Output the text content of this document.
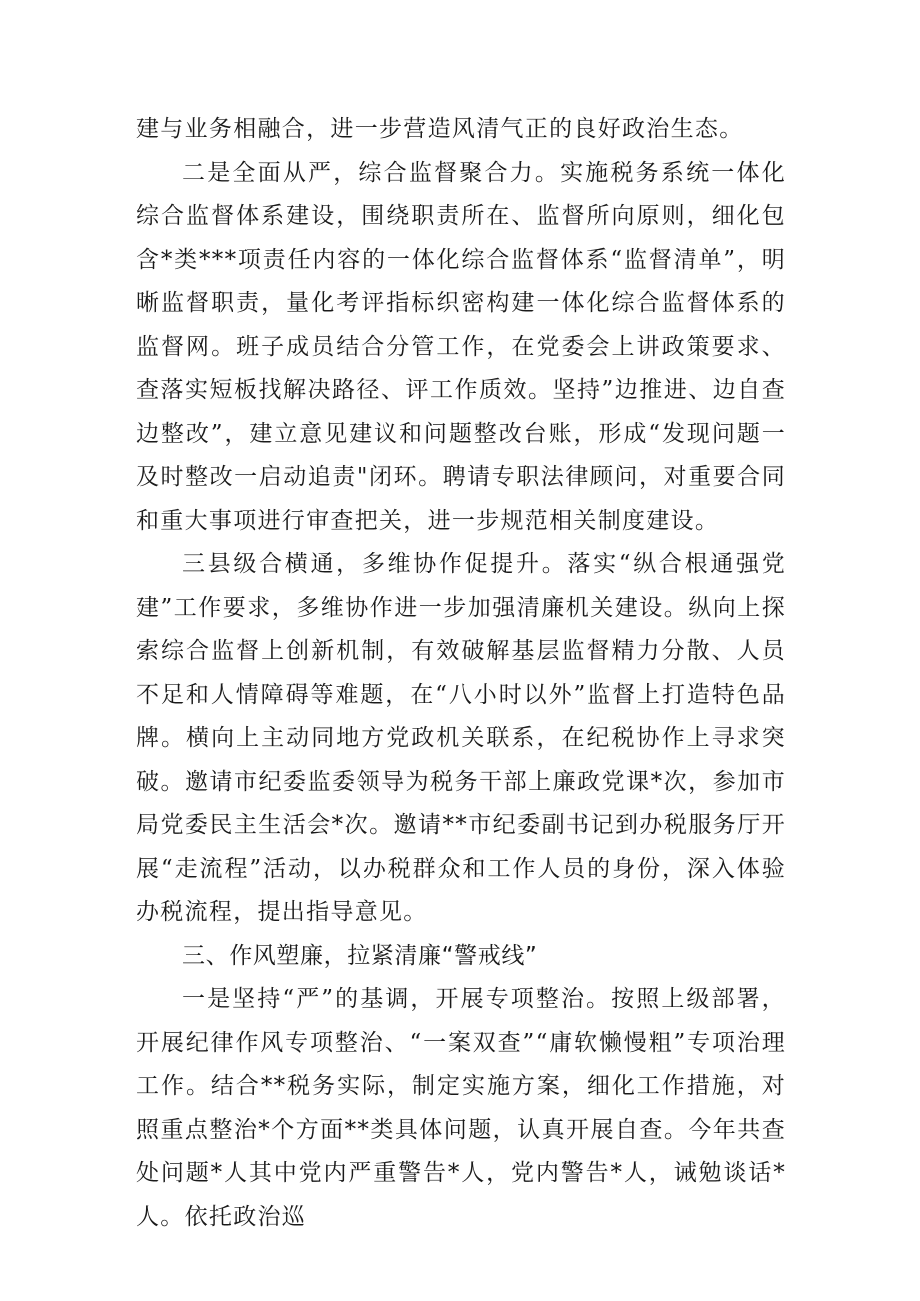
建与业务相融合，进一步营造风清气正的良好政治生态。

二是全面从严，综合监督聚合力。实施税务系统一体化综合监督体系建设，围绕职责所在、监督所向原则，细化包含*类***项责任内容的一体化综合监督体系“监督清单”，明晰监督职责，量化考评指标织密构建一体化综合监督体系的监督网。班子成员结合分管工作，在党委会上讲政策要求、查落实短板找解决路径、评工作质效。坚持”边推进、边自查边整改”，建立意见建议和问题整改台账，形成“发现问题一及时整改一启动追责"闭环。聘请专职法律顾问，对重要合同和重大事项进行审查把关，进一步规范相关制度建设。

三县级合横通，多维协作促提升。落实“纵合根通强党建”工作要求，多维协作进一步加强清廉机关建设。纵向上探索综合监督上创新机制，有效破解基层监督精力分散、人员不足和人情障碍等难题，在“八小时以外”监督上打造特色品牌。横向上主动同地方党政机关联系，在纪税协作上寻求突破。邀请市纪委监委领导为税务干部上廉政党课*次，参加市局党委民主生活会*次。邀请**市纪委副书记到办税服务厅开展“走流程”活动，以办税群众和工作人员的身份，深入体验办税流程，提出指导意见。

三、作风塑廉，拉紧清廉“警戒线”

一是坚持“严”的基调，开展专项整治。按照上级部署，开展纪律作风专项整治、“一案双查”“庸软懒慢粗”专项治理工作。结合**税务实际，制定实施方案，细化工作措施，对照重点整治*个方面**类具体问题，认真开展自查。今年共查处问题*人其中党内严重警告*人，党内警告*人，诫勉谈话*人。依托政治巡
